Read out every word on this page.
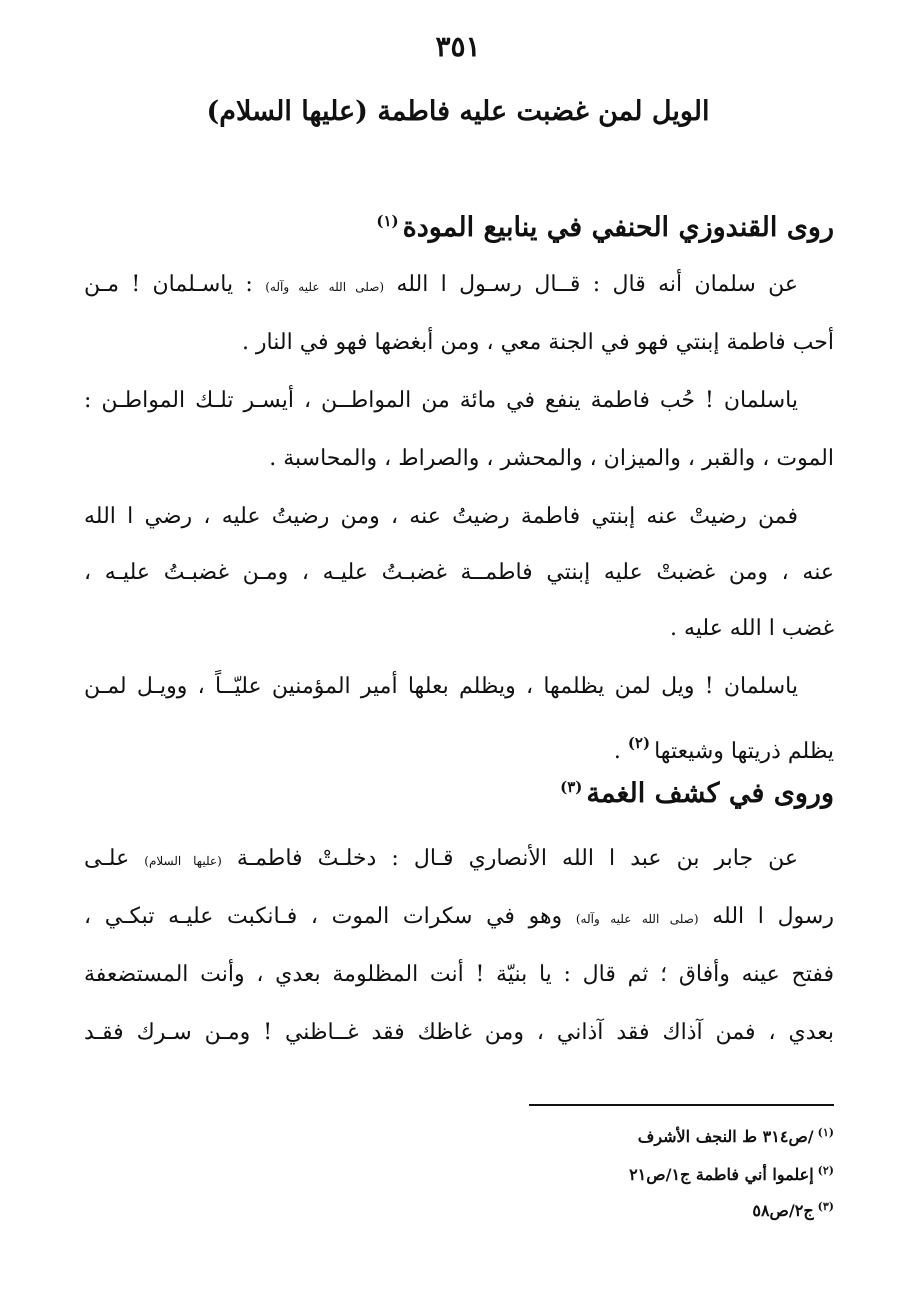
٣٥١
الويل لمن غضبت عليه فاطمة (عليها السلام)
روى القندوزي الحنفي في ينابيع المودة$^{(١)}$
عن سلمان أنه قال : قــال رسـول ا الله (صلى الله عليه وآله) : ياسـلمان ! مـن
أحب فاطمة إبنتي فهو في الجنة معي ، ومن أبغضها فهو في النار .
ياسلمان ! حُب فاطمة ينفع في مائة من المواطــن ، أيسـر تلـك المواطـن :
الموت ، والقبر ، والميزان ، والمحشر ، والصراط ، والمحاسبة .
فمن رضيتْ عنه إبنتي فاطمة رضيتُ عنه ، ومن رضيتُ عليه ، رضي ا الله
عنه ، ومن غضبتْ عليه إبنتي فاطمــة غضبـتُ عليـه ، ومـن غضبـتُ عليـه ،
غضب ا الله عليه .
ياسلمان ! ويل لمن يظلمها ، ويظلم بعلها أمير المؤمنين عليّــاً ، وويـل لمـن
يظلم ذريتها وشيعتها$^{(٢)}$ .
وروى في كشف الغمة$^{(٣)}$
عن جابر بن عبد ا الله الأنصاري قـال : دخلـتْ فاطمـة (عليها السلام) علـى
رسول ا الله (صلى الله عليه وآله) وهو في سكرات الموت ، فـانكبت عليـه تبكـي ،
ففتح عينه وأفاق ؛ ثم قال : يا بنيّة ! أنت المظلومة بعدي ، وأنت المستضعفة
بعدي ، فمن آذاك فقد آذاني ، ومن غاظك فقد غــاظني ! ومـن سـرك فقـد
$^{(١)}$/ص٣١٤ ط النجف الأشرف
$^{(٢)}$إعلموا أني فاطمة ج١/ص٢١
$^{(٣)}$ج٢/ص٥٨
